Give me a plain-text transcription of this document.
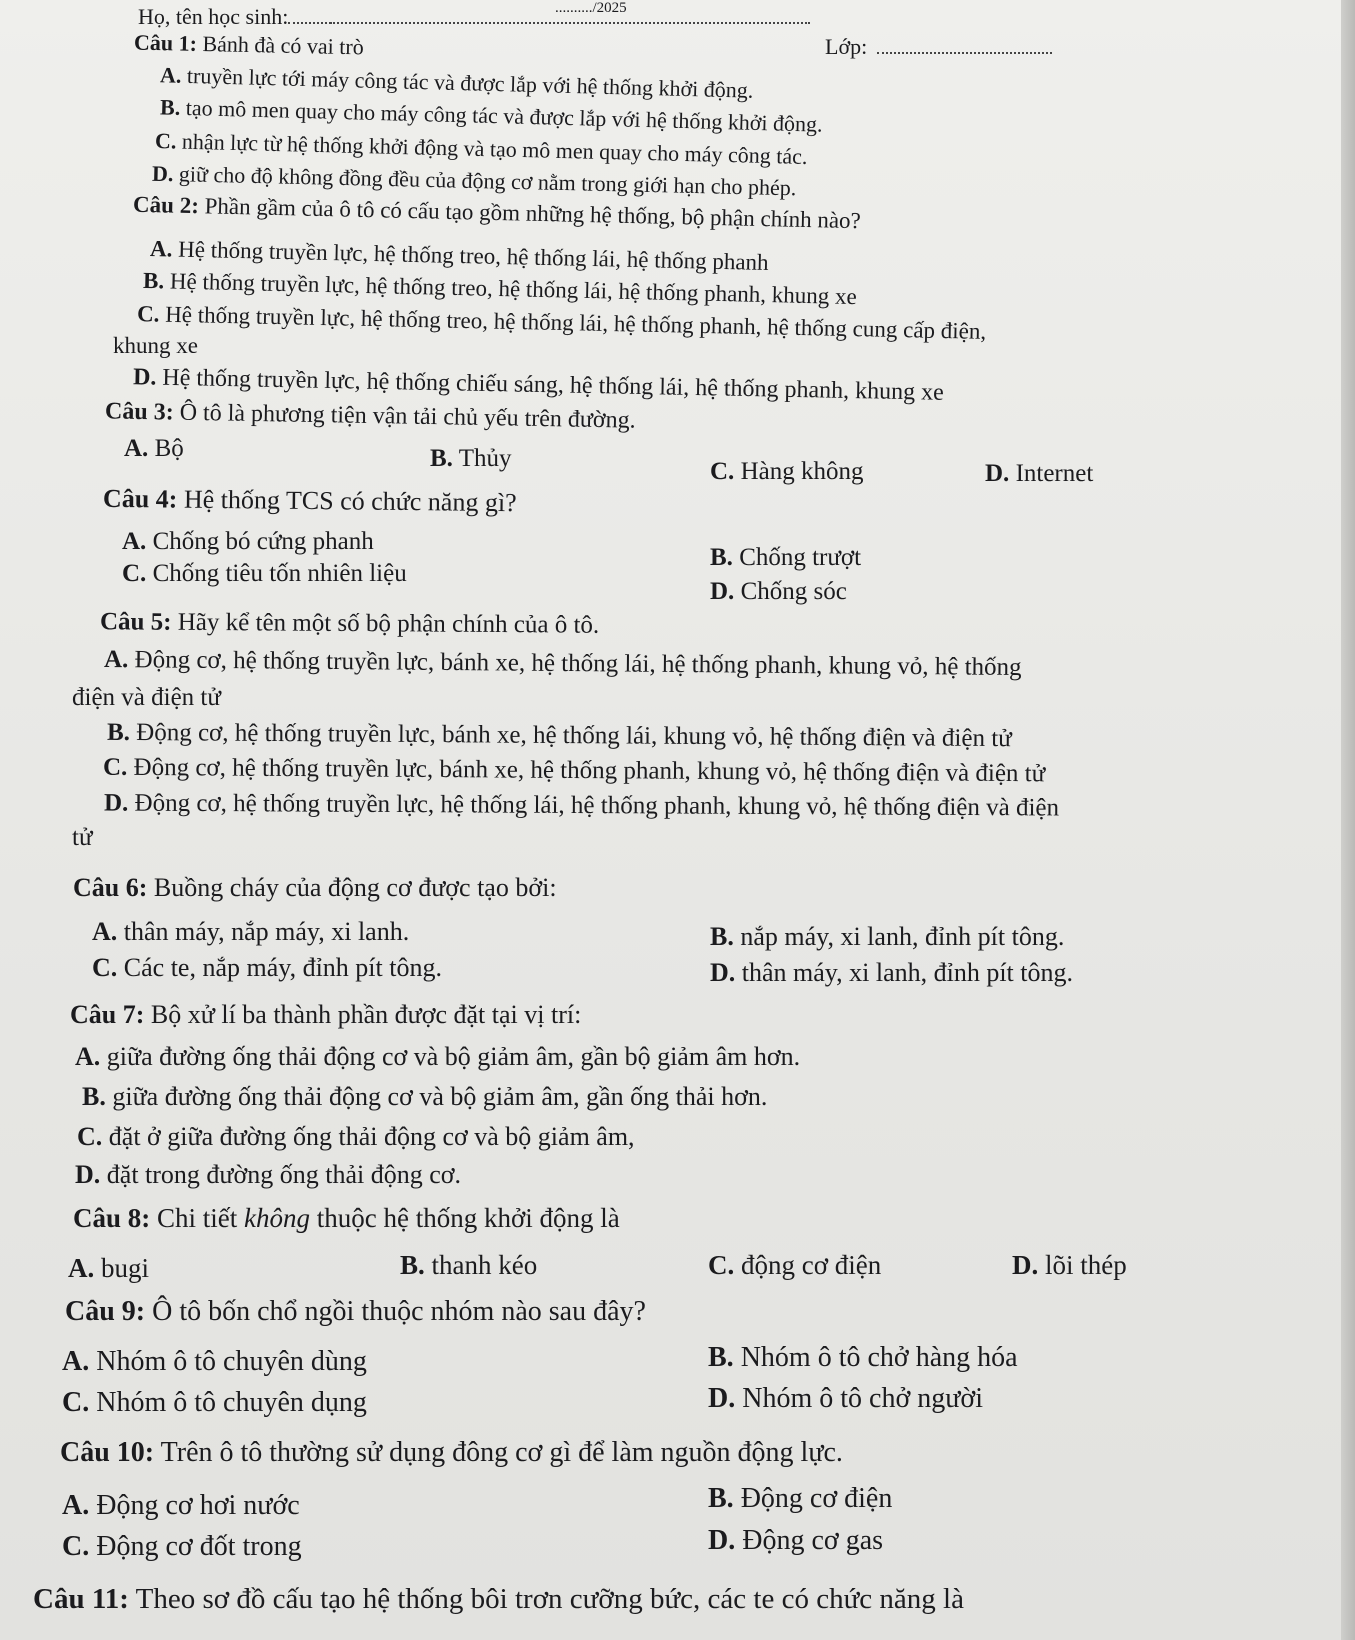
Họ, tên học sinh:	........../2025
Lớp:
Câu 1: Bánh đà có vai trò
A. truyền lực tới máy công tác và được lắp với hệ thống khởi động.
B. tạo mô men quay cho máy công tác và được lắp với hệ thống khởi động.
C. nhận lực từ hệ thống khởi động và tạo mô men quay cho máy công tác.
D. giữ cho độ không đồng đều của động cơ nằm trong giới hạn cho phép.
Câu 2: Phần gầm của ô tô có cấu tạo gồm những hệ thống, bộ phận chính nào?
A. Hệ thống truyền lực, hệ thống treo, hệ thống lái, hệ thống phanh
B. Hệ thống truyền lực, hệ thống treo, hệ thống lái, hệ thống phanh, khung xe
C. Hệ thống truyền lực, hệ thống treo, hệ thống lái, hệ thống phanh, hệ thống cung cấp điện,
khung xe
D. Hệ thống truyền lực, hệ thống chiếu sáng, hệ thống lái, hệ thống phanh, khung xe
Câu 3: Ô tô là phương tiện vận tải chủ yếu trên đường.
A. Bộ	B. Thủy	C. Hàng không	D. Internet
Câu 4: Hệ thống TCS có chức năng gì?
A. Chống bó cứng phanh
B. Chống trượt
C. Chống tiêu tốn nhiên liệu
D. Chống sóc
Câu 5: Hãy kể tên một số bộ phận chính của ô tô.
A. Động cơ, hệ thống truyền lực, bánh xe, hệ thống lái, hệ thống phanh, khung vỏ, hệ thống
điện và điện tử
B. Động cơ, hệ thống truyền lực, bánh xe, hệ thống lái, khung vỏ, hệ thống điện và điện tử
C. Động cơ, hệ thống truyền lực, bánh xe, hệ thống phanh, khung vỏ, hệ thống điện và điện tử
D. Động cơ, hệ thống truyền lực, hệ thống lái, hệ thống phanh, khung vỏ, hệ thống điện và điện
tử
Câu 6: Buồng cháy của động cơ được tạo bởi:
A. thân máy, nắp máy, xi lanh.	B. nắp máy, xi lanh, đỉnh pít tông.
C. Các te, nắp máy, đỉnh pít tông.	D. thân máy, xi lanh, đỉnh pít tông.
Câu 7: Bộ xử lí ba thành phần được đặt tại vị trí:
A. giữa đường ống thải động cơ và bộ giảm âm, gần bộ giảm âm hơn.
B. giữa đường ống thải động cơ và bộ giảm âm, gần ống thải hơn.
C. đặt ở giữa đường ống thải động cơ và bộ giảm âm,
D. đặt trong đường ống thải động cơ.
Câu 8: Chi tiết không thuộc hệ thống khởi động là
A. bugi	B. thanh kéo	C. động cơ điện	D. lõi thép
Câu 9: Ô tô bốn chổ ngồi thuộc nhóm nào sau đây?
A. Nhóm ô tô chuyên dùng	B. Nhóm ô tô chở hàng hóa
C. Nhóm ô tô chuyên dụng	D. Nhóm ô tô chở người
Câu 10: Trên ô tô thường sử dụng đông cơ gì để làm nguồn động lực.
A. Động cơ hơi nước	B. Động cơ điện
C. Động cơ đốt trong	D. Động cơ gas
Câu 11: Theo sơ đồ cấu tạo hệ thống bôi trơn cưỡng bức, các te có chức năng là
